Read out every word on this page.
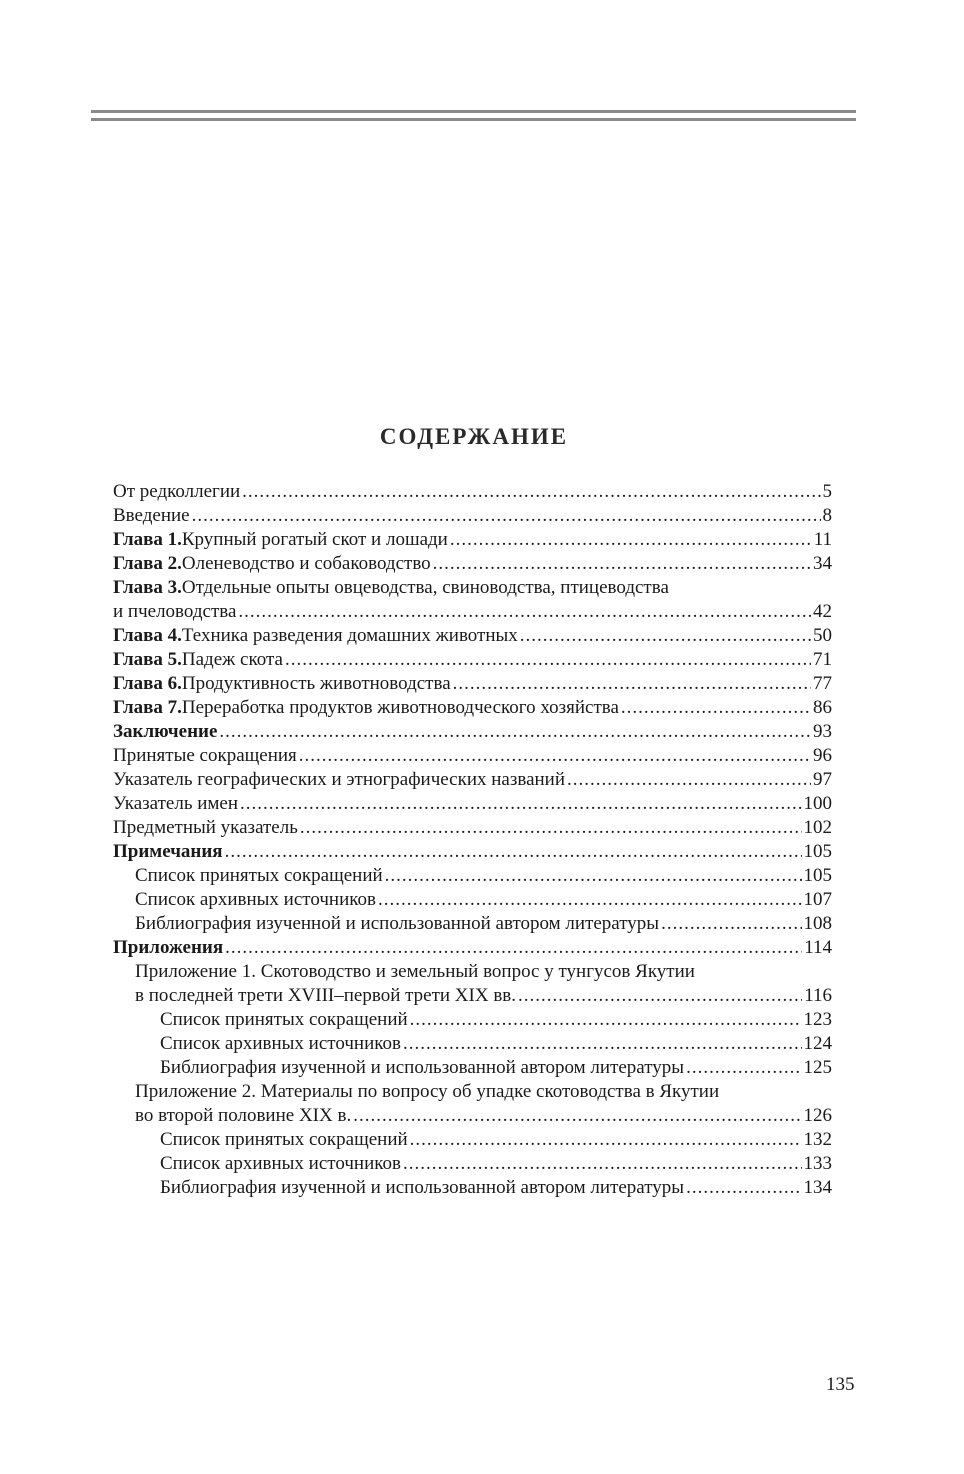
СОДЕРЖАНИЕ
От редколлегии .....	5
Введение .....	8
Глава 1. Крупный рогатый скот и лошади .....	11
Глава 2. Оленеводство и собаководство .....	34
Глава 3. Отдельные опыты овцеводства, свиноводства, птицеводства
и пчеловодства .....	42
Глава 4. Техника разведения домашних животных .....	50
Глава 5. Падеж скота .....	71
Глава 6. Продуктивность животноводства .....	77
Глава 7. Переработка продуктов животноводческого хозяйства .....	86
Заключение .....	93
Принятые сокращения .....	96
Указатель географических и этнографических названий .....	97
Указатель имен .....	100
Предметный указатель .....	102
Примечания .....	105
Список принятых сокращений .....	105
Список архивных источников .....	107
Библиография изученной и использованной автором литературы .....	108
Приложения .....	114
Приложение 1. Скотоводство и земельный вопрос у тунгусов Якутии
в последней трети XVIII–первой трети XIX вв. .....	116
Список принятых сокращений .....	123
Список архивных источников .....	124
Библиография изученной и использованной автором литературы .....	125
Приложение 2. Материалы по вопросу об упадке скотоводства в Якутии
во второй половине XIX в. .....	126
Список принятых сокращений .....	132
Список архивных источников .....	133
Библиография изученной и использованной автором литературы .....	134
135
